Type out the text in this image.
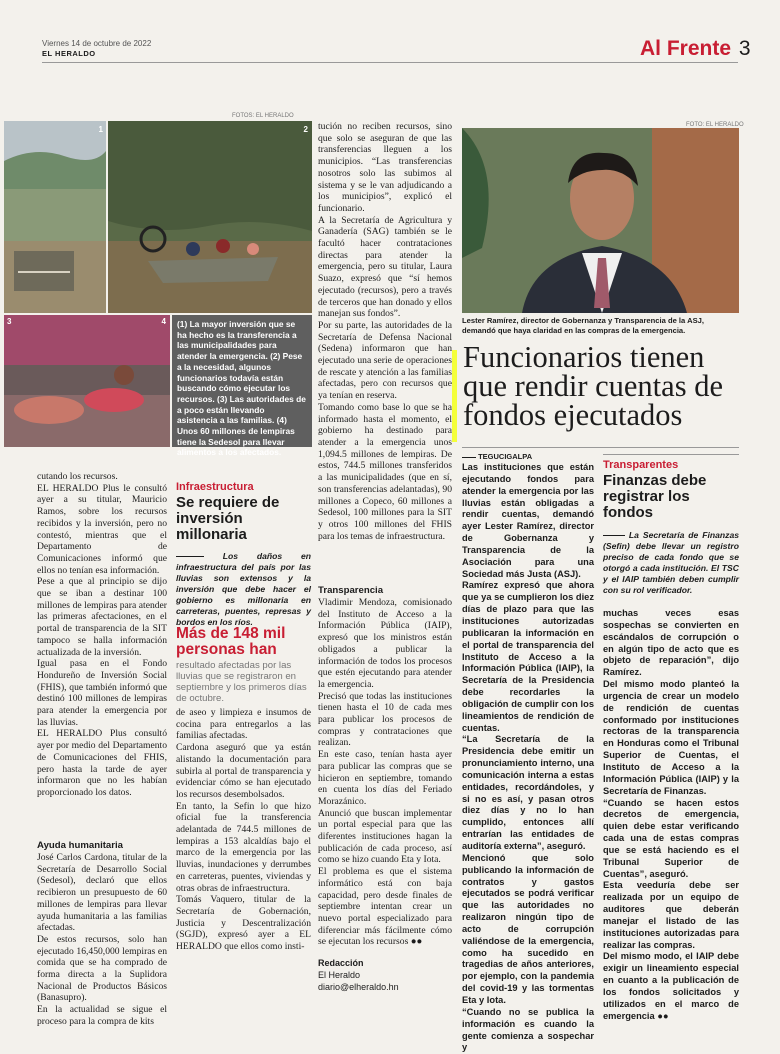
Viernes 14 de octubre de 2022
EL HERALDO	Al Frente 3
FOTOS: EL HERALDO
FOTO: EL HERALDO
1	2
3	4 (1) La mayor inversión que se ha hecho es la transferencia a las municipalidades para atender la emergencia. (2) Pese a la necesidad, algunos funcionarios todavía están buscando cómo ejecutar los recursos. (3) Las autoridades de a poco están llevando asistencia a las familias. (4) Unos 60 millones de lempiras tiene la Sedesol para llevar alimentos a los afectados.
Lester Ramírez, director de Gobernanza y Transparencia de la ASJ, demandó que haya claridad en las compras de la emergencia.
Funcionarios tienen que rendir cuentas de fondos ejecutados
TEGUCIGALPA
Las instituciones que están ejecutando fondos para atender la emergencia por las lluvias están obligadas a rendir cuentas, demandó ayer Lester Ramírez, director de Gobernanza y Transparencia de la Asociación para una Sociedad más Justa (ASJ).
Ramírez expresó que ahora que ya se cumplieron los diez días de plazo para que las instituciones autorizadas publicaran la información en el portal de transparencia del Instituto de Acceso a la Información Pública (IAIP), la Secretaría de la Presidencia debe recordarles la obligación de cumplir con los lineamientos de rendición de cuentas.
“La Secretaría de la Presidencia debe emitir un pronunciamiento interno, una comunicación interna a estas entidades, recordándoles, y si no es así, y pasan otros diez días y no lo han cumplido, entonces allí entrarían las entidades de auditoría externa”, aseguró.
Mencionó que solo publicando la información de contratos y gastos ejecutados se podrá verificar que las autoridades no realizaron ningún tipo de acto de corrupción valiéndose de la emergencia, como ha sucedido en tragedias de años anteriores, por ejemplo, con la pandemia del covid-19 y las tormentas Eta y Iota.
“Cuando no se publica la información es cuando la gente comienza a sospechar y
muchas veces esas sospechas se convierten en escándalos de corrupción o en algún tipo de acto que es objeto de reparación”, dijo Ramírez.
Del mismo modo planteó la urgencia de crear un modelo de rendición de cuentas conformado por instituciones rectoras de la transparencia en Honduras como el Tribunal Superior de Cuentas, el Instituto de Acceso a la Información Pública (IAIP) y la Secretaría de Finanzas.
“Cuando se hacen estos decretos de emergencia, quien debe estar verificando cada una de estas compras que se está haciendo es el Tribunal Superior de Cuentas”, aseguró.
Esta veeduría debe ser realizada por un equipo de auditores que deberán manejar el listado de las instituciones autorizadas para realizar las compras.
Del mismo modo, el IAIP debe exigir un lineamiento especial en cuanto a la publicación de los fondos solicitados y utilizados en el marco de emergencia ●●
Transparentes
Finanzas debe registrar los fondos
La Secretaría de Finanzas (Sefin) debe llevar un registro preciso de cada fondo que se otorgó a cada institución. El TSC y el IAIP también deben cumplir con su rol verificador.
cutando los recursos.
EL HERALDO Plus le consultó ayer a su titular, Mauricio Ramos, sobre los recursos recibidos y la inversión, pero no contestó, mientras que el Departamento de Comunicaciones informó que ellos no tenían esa información.
Pese a que al principio se dijo que se iban a destinar 100 millones de lempiras para atender las primeras afectaciones, en el portal de transparencia de la SIT tampoco se halla información actualizada de la inversión.
Igual pasa en el Fondo Hondureño de Inversión Social (FHIS), que también informó que destinó 100 millones de lempiras para atender la emergencia por las lluvias.
EL HERALDO Plus consultó ayer por medio del Departamento de Comunicaciones del FHIS, pero hasta la tarde de ayer informaron que no les habían proporcionado los datos.
Ayuda humanitaria
José Carlos Cardona, titular de la Secretaría de Desarrollo Social (Sedesol), declaró que ellos recibieron un presupuesto de 60 millones de lempiras para llevar ayuda humanitaria a las familias afectadas.
De estos recursos, solo han ejecutado 16,450,000 lempiras en comida que se ha comprado de forma directa a la Suplidora Nacional de Productos Básicos (Banasupro).
En la actualidad se sigue el proceso para la compra de kits
Infraestructura
Se requiere de inversión millonaria
Los daños en infraestructura del país por las lluvias son extensos y la inversión que debe hacer el gobierno es millonaria en carreteras, puentes, represas y bordos en los ríos.
Más de 148 mil personas han
resultado afectadas por las lluvias que se registraron en septiembre y los primeros días de octubre.
de aseo y limpieza e insumos de cocina para entregarlos a las familias afectadas.
Cardona aseguró que ya están alistando la documentación para subirla al portal de transparencia y evidenciar cómo se han ejecutado los recursos desembolsados.
En tanto, la Sefin lo que hizo oficial fue la transferencia adelantada de 744.5 millones de lempiras a 153 alcaldías bajo el marco de la emergencia por las lluvias, inundaciones y derrumbes en carreteras, puentes, viviendas y otras obras de infraestructura.
Tomás Vaquero, titular de la Secretaría de Gobernación, Justicia y Descentralización (SGJD), expresó ayer a EL HERALDO que ellos como insti-
tución no reciben recursos, sino que solo se aseguran de que las transferencias lleguen a los municipios. “Las transferencias nosotros solo las subimos al sistema y se le van adjudicando a los municipios”, explicó el funcionario.
A la Secretaría de Agricultura y Ganadería (SAG) también se le facultó hacer contrataciones directas para atender la emergencia, pero su titular, Laura Suazo, expresó que “sí hemos ejecutado (recursos), pero a través de terceros que han donado y ellos manejan sus fondos”.
Por su parte, las autoridades de la Secretaría de Defensa Nacional (Sedena) informaron que han ejecutado una serie de operaciones de rescate y atención a las familias afectadas, pero con recursos que ya tenían en reserva.
Tomando como base lo que se ha informado hasta el momento, el gobierno ha destinado para atender a la emergencia unos 1,094.5 millones de lempiras. De estos, 744.5 millones transferidos a las municipalidades (que en sí, son transferencias adelantadas), 90 millones a Copeco, 60 millones a Sedesol, 100 millones para la SIT y otros 100 millones del FHIS para los temas de infraestructura.
Transparencia
Vladimir Mendoza, comisionado del Instituto de Acceso a la Información Pública (IAIP), expresó que los ministros están obligados a publicar la información de todos los procesos que estén ejecutando para atender la emergencia.
Precisó que todas las instituciones tienen hasta el 10 de cada mes para publicar los procesos de compras y contrataciones que realizan.
En este caso, tenían hasta ayer para publicar las compras que se hicieron en septiembre, tomando en cuenta los días del Feriado Morazánico.
Anunció que buscan implementar un portal especial para que las diferentes instituciones hagan la publicación de cada proceso, así como se hizo cuando Eta y Iota.
El problema es que el sistema informático está con baja capacidad, pero desde finales de septiembre intentan crear un nuevo portal especializado para diferenciar más fácilmente cómo se ejecutan los recursos ●●
Redacción
El Heraldo
diario@elheraldo.hn
